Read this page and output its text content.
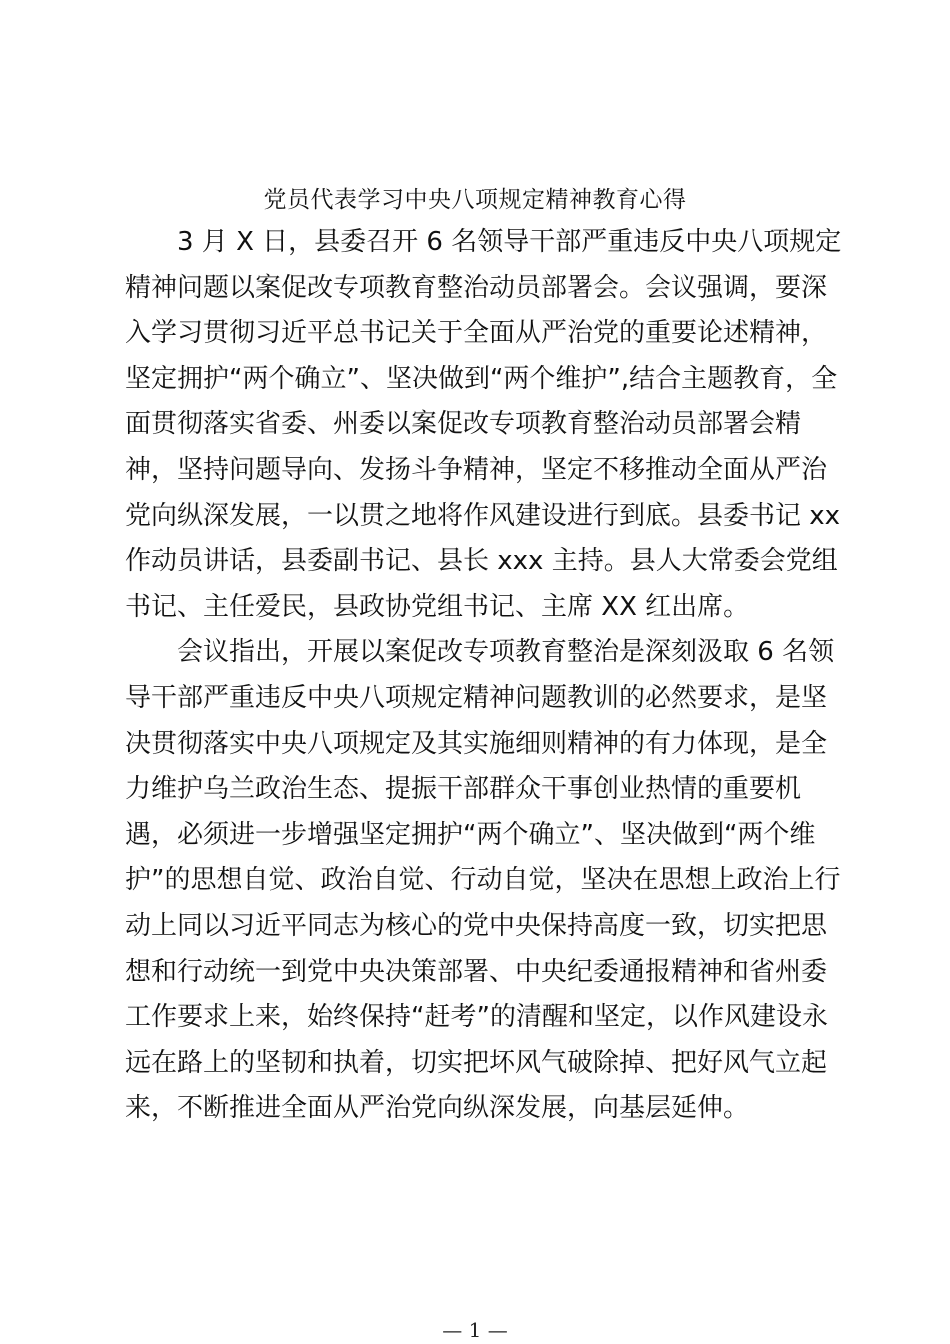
党员代表学习中央八项规定精神教育心得
3 月 X 日，县委召开 6 名领导干部严重违反中央八项规定
精神问题以案促改专项教育整治动员部署会。会议强调，要深
入学习贯彻习近平总书记关于全面从严治党的重要论述精神，
坚定拥护“两个确立”、坚决做到“两个维护”,结合主题教育，全
面贯彻落实省委、州委以案促改专项教育整治动员部署会精
神，坚持问题导向、发扬斗争精神，坚定不移推动全面从严治
党向纵深发展，一以贯之地将作风建设进行到底。县委书记 xx
作动员讲话，县委副书记、县长 xxx 主持。县人大常委会党组
书记、主任爱民，县政协党组书记、主席 XX 红出席。
会议指出，开展以案促改专项教育整治是深刻汲取 6 名领
导干部严重违反中央八项规定精神问题教训的必然要求，是坚
决贯彻落实中央八项规定及其实施细则精神的有力体现，是全
力维护乌兰政治生态、提振干部群众干事创业热情的重要机
遇，必须进一步增强坚定拥护“两个确立”、坚决做到“两个维
护”的思想自觉、政治自觉、行动自觉，坚决在思想上政治上行
动上同以习近平同志为核心的党中央保持高度一致，切实把思
想和行动统一到党中央决策部署、中央纪委通报精神和省州委
工作要求上来，始终保持“赶考”的清醒和坚定，以作风建设永
远在路上的坚韧和执着，切实把坏风气破除掉、把好风气立起
来，不断推进全面从严治党向纵深发展，向基层延伸。
— 1 —
